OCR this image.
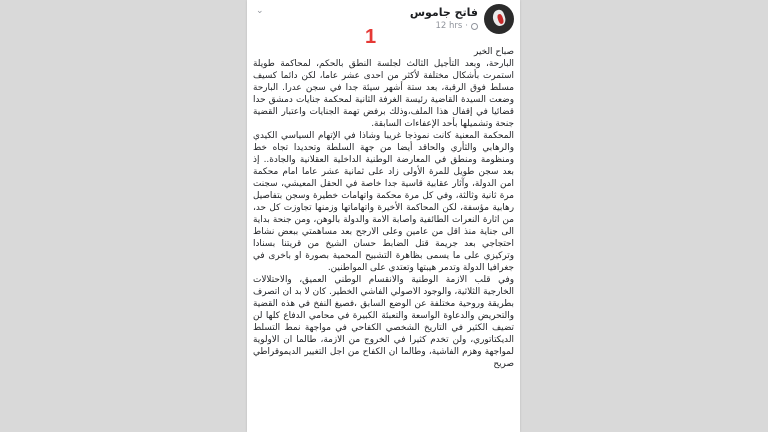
⌄	فاتح جاموس
12 hrs ·
1

صباح الخير

البارحة، وبعد التأجيل الثالث لجلسة النطق بالحكم، لمحاكمة طويلة استمرت بأشكال مختلفة لأكثر من احدى عشر عاما، لكن دائما كسيف مسلط فوق الرقبة، بعد ستة أشهر سيئة جدا في سجن عدرا. البارحة وضعت السيدة القاضية رئيسة الغرفة الثانية لمحكمة جنايات دمشق حدا قضائيا في إقفال هذا الملف،وذلك برفض تهمة الجنايات واعتبار القضية جنحة وتشميلها بأحد الإعفاءات السابقة.

المحكمة المعنية كانت نموذجا غريبا وشاذا في الإتهام السياسي الكيدي والرهابي والثأري والحاقد أيضا من جهة السلطة وتحديدا تجاه خط ومنظومة ومنطق في المعارضة الوطنية الداخلية العقلانية والجادة.. إذ بعد سجن طويل للمرة الأولى زاد على ثمانية عشر عاما امام محكمة امن الدولة، وآثار عقابية قاسية جدا خاصة في الحقل المعيشي، سجنت مرة ثانية وثالثة، وفي كل مرة محكمة واتهامات خطيرة وسجن بتفاصيل رهابية مؤسفة، لكن المحاكمة الأخيرة واتهاماتها وزمنها تجاوزت كل حد، من اثارة النعرات الطائفية واصابة الامة والدولة بالوهن، ومن جنحة بداية الى جناية منذ اقل من عامين وعلى الارجح بعد مساهمتي ببعض نشاط احتجاجي بعد جريمة قتل الضابط حسان الشيخ من قريتنا بسنادا وتركيزي على ما يسمى بظاهرة التشبيح المحمية بصورة او باخرى في جغرافيا الدولة وتدمر هيبتها وتعتدي على المواطنين.

وفي قلب الازمة الوطنية والانقسام الوطني العميق، والاحتلالات الخارجية الثلاثية، والوجود الاصولي الفاشي الخطير. كان لا بد ان اتصرف بطريقة وروحية مختلفة عن الوضع السابق ،فصيغ النفخ في هذه القضية والتحريض والدعاوة الواسعة والتعبئة الكبيرة في محامي الدفاع كلها لن تضيف الكثير في التاريخ الشخصي الكفاحي في مواجهة نمط التسلط الديكتاتوري، ولن تخدم كثيرا في الخروج من الازمة، طالما ان الاولوية لمواجهة وهزم الفاشية، وطالما ان الكفاح من اجل التغيير الديموقراطي صريح
